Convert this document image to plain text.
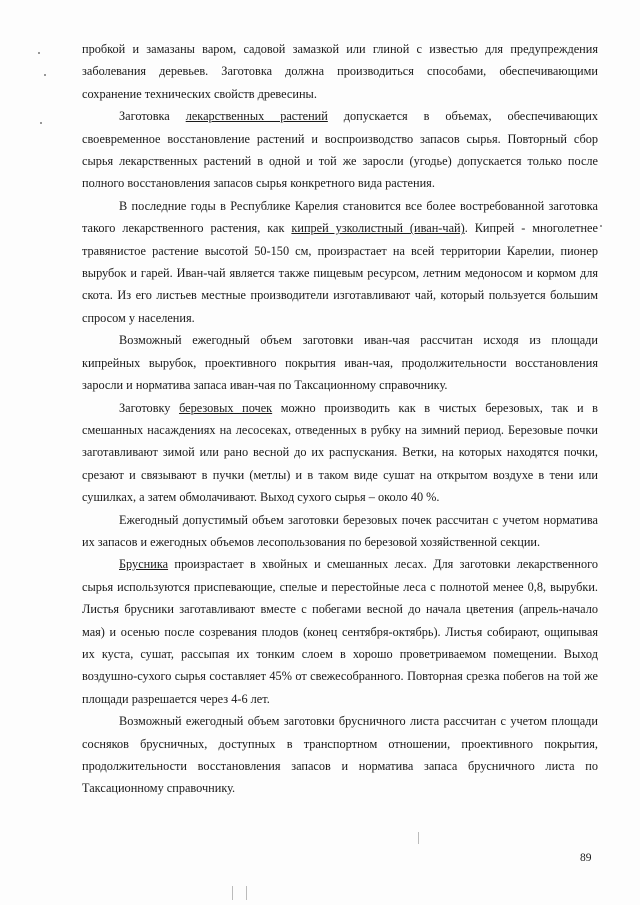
пробкой и замазаны варом, садовой замазкой или глиной с известью для предупреждения заболевания деревьев. Заготовка должна производиться способами, обеспечивающими сохранение технических свойств древесины.

Заготовка лекарственных растений допускается в объемах, обеспечивающих своевременное восстановление растений и воспроизводство запасов сырья. Повторный сбор сырья лекарственных растений в одной и той же заросли (угодье) допускается только после полного восстановления запасов сырья конкретного вида растения.

В последние годы в Республике Карелия становится все более востребованной заготовка такого лекарственного растения, как кипрей узколистный (иван-чай). Кипрей - многолетнее травянистое растение высотой 50-150 см, произрастает на всей территории Карелии, пионер вырубок и гарей. Иван-чай является также пищевым ресурсом, летним медоносом и кормом для скота. Из его листьев местные производители изготавливают чай, который пользуется большим спросом у населения.

Возможный ежегодный объем заготовки иван-чая рассчитан исходя из площади кипрейных вырубок, проективного покрытия иван-чая, продолжительности восстановления заросли и норматива запаса иван-чая по Таксационному справочнику.

Заготовку березовых почек можно производить как в чистых березовых, так и в смешанных насаждениях на лесосеках, отведенных в рубку на зимний период. Березовые почки заготавливают зимой или рано весной до их распускания. Ветки, на которых находятся почки, срезают и связывают в пучки (метлы) и в таком виде сушат на открытом воздухе в тени или сушилках, а затем обмолачивают. Выход сухого сырья – около 40 %.

Ежегодный допустимый объем заготовки березовых почек рассчитан с учетом норматива их запасов и ежегодных объемов лесопользования по березовой хозяйственной секции.

Брусника произрастает в хвойных и смешанных лесах. Для заготовки лекарственного сырья используются приспевающие, спелые и перестойные леса с полнотой менее 0,8, вырубки. Листья брусники заготавливают вместе с побегами весной до начала цветения (апрель-начало мая) и осенью после созревания плодов (конец сентября-октябрь). Листья собирают, ощипывая их куста, сушат, рассыпая их тонким слоем в хорошо проветриваемом помещении. Выход воздушно-сухого сырья составляет 45% от свежесобранного. Повторная срезка побегов на той же площади разрешается через 4-6 лет.

Возможный ежегодный объем заготовки брусничного листа рассчитан с учетом площади сосняков брусничных, доступных в транспортном отношении, проективного покрытия, продолжительности восстановления запасов и норматива запаса брусничного листа по Таксационному справочнику.

89
